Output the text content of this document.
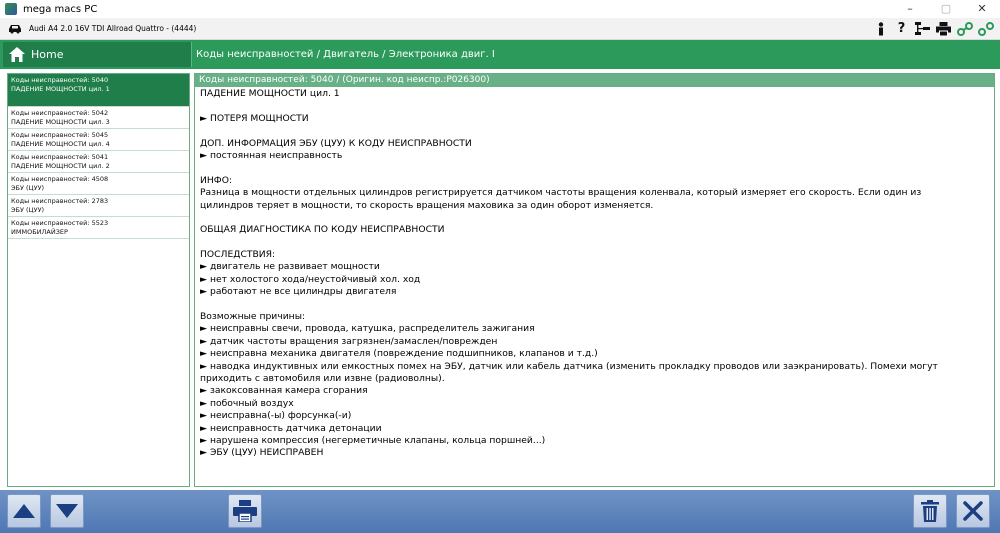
mega macs PC	–	▢	✕
Audi A4 2.0 16V TDI Allroad Quattro - (4444)	?
Home	Коды неисправностей / Двигатель / Электроника двиг. I
Коды неисправностей: 5040
ПАДЕНИЕ МОЩНОСТИ цил. 1
Коды неисправностей: 5042
ПАДЕНИЕ МОЩНОСТИ цил. 3
Коды неисправностей: 5045
ПАДЕНИЕ МОЩНОСТИ цил. 4
Коды неисправностей: 5041
ПАДЕНИЕ МОЩНОСТИ цил. 2
Коды неисправностей: 4508
ЭБУ (ЦУУ)
Коды неисправностей: 2783
ЭБУ (ЦУУ)
Коды неисправностей: 5523
ИММОБИЛАЙЗЕР
Коды неисправностей: 5040 / (Оригин. код неиспр.:P026300)
ПАДЕНИЕ МОЩНОСТИ цил. 1
► ПОТЕРЯ МОЩНОСТИ
ДОП. ИНФОРМАЦИЯ ЭБУ (ЦУУ) К КОДУ НЕИСПРАВНОСТИ
► постоянная неисправность
ИНФО:
Разница в мощности отдельных цилиндров регистрируется датчиком частоты вращения коленвала, который измеряет его скорость. Если один из
цилиндров теряет в мощности, то скорость вращения маховика за один оборот изменяется.
ОБЩАЯ ДИАГНОСТИКА ПО КОДУ НЕИСПРАВНОСТИ
ПОСЛЕДСТВИЯ:
► двигатель не развивает мощности
► нет холостого хода/неустойчивый хол. ход
► работают не все цилиндры двигателя
Возможные причины:
► неисправны свечи, провода, катушка, распределитель зажигания
► датчик частоты вращения загрязнен/замаслен/поврежден
► неисправна механика двигателя (повреждение подшипников, клапанов и т.д.)
► наводка индуктивных или емкостных помех на ЭБУ, датчик или кабель датчика (изменить прокладку проводов или заэкранировать). Помехи могут
приходить с автомобиля или извне (радиоволны).
► закоксованная камера сгорания
► побочный воздух
► неисправна(-ы) форсунка(-и)
► неисправность датчика детонации
► нарушена компрессия (негерметичные клапаны, кольца поршней...)
► ЭБУ (ЦУУ) НЕИСПРАВЕН
